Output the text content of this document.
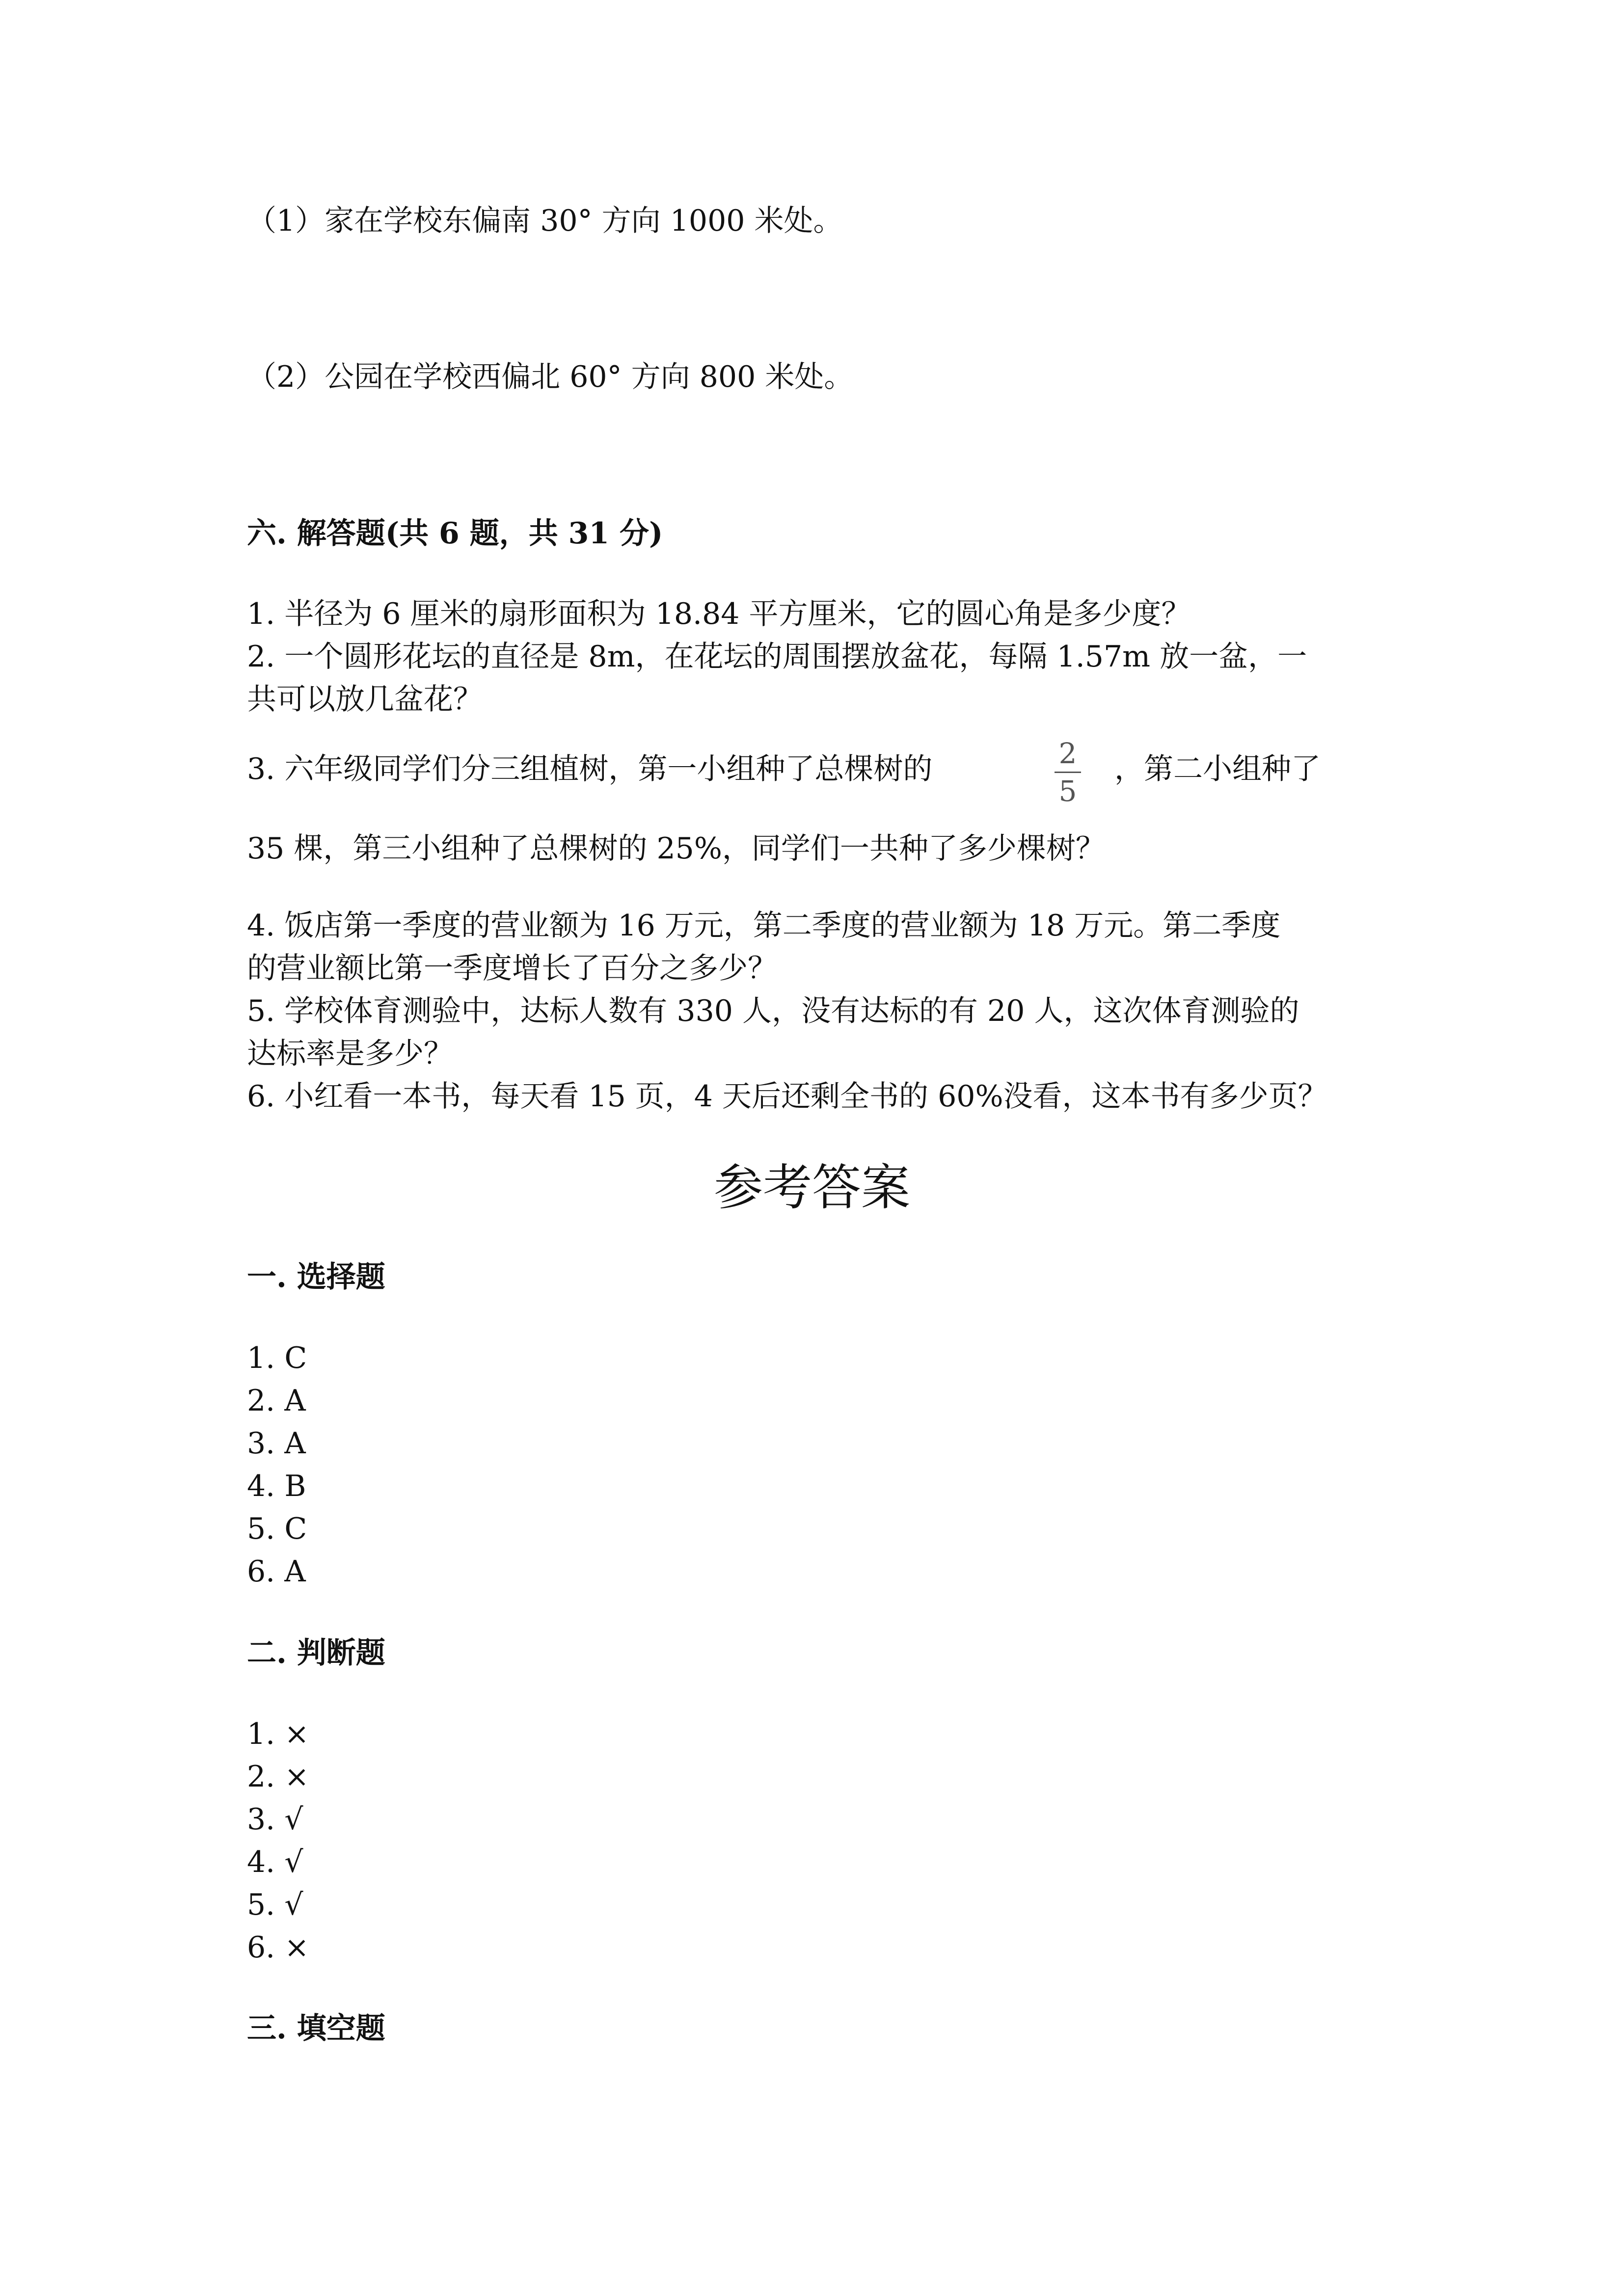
（1）家在学校东偏南 30° 方向 1000 米处。
（2）公园在学校西偏北 60° 方向 800 米处。
六. 解答题(共 6 题，共 31 分)
1. 半径为 6 厘米的扇形面积为 18.84 平方厘米，它的圆心角是多少度？
2. 一个圆形花坛的直径是 8m，在花坛的周围摆放盆花，每隔 1.57m 放一盆，一
共可以放几盆花？
3. 六年级同学们分三组植树，第一小组种了总棵树的	2
5
，第二小组种了
35 棵，第三小组种了总棵树的 25%，同学们一共种了多少棵树？
4. 饭店第一季度的营业额为 16 万元，第二季度的营业额为 18 万元。第二季度
的营业额比第一季度增长了百分之多少？
5. 学校体育测验中，达标人数有 330 人，没有达标的有 20 人，这次体育测验的
达标率是多少？
6. 小红看一本书，每天看 15 页，4 天后还剩全书的 60%没看，这本书有多少页？
参考答案
一. 选择题
1. C
2. A
3. A
4. B
5. C
6. A
二. 判断题
1. ×
2. ×
3. √
4. √
5. √
6. ×
三. 填空题
